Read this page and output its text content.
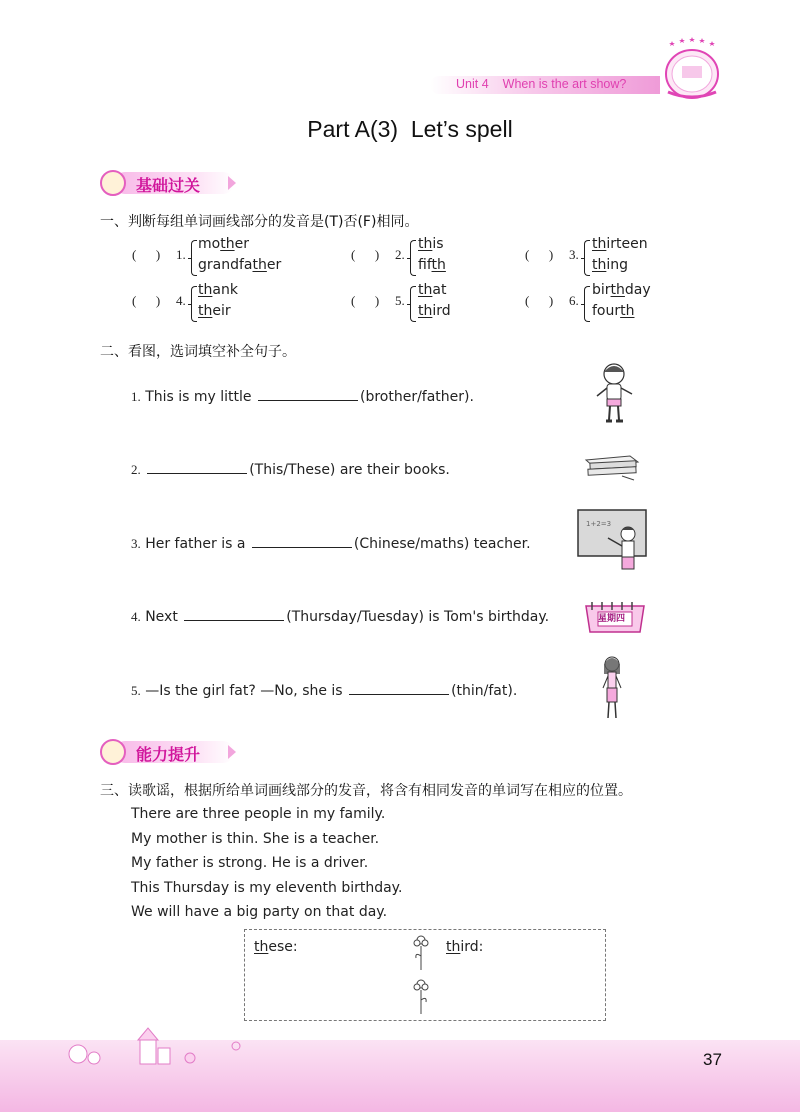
Unit 4 When is the art show?
Part A(3)  Let’s spell
基础过关
一、判断每组单词画线部分的发音是(T)否(F)相同。
(      ) 1.
mother
grandfather
(      ) 2.
this
fifth
(      ) 3.
thirteen
thing
(      ) 4.
thank
their
(      ) 5.
that
third
(      ) 6.
birthday
fourth
二、看图，选词填空补全句子。
1. This is my little	(brother/father).
2.	(This/These) are their books.
3. Her father is a	(Chinese/maths) teacher.
4. Next	(Thursday/Tuesday) is Tom's birthday.
5. —Is the girl fat? —No, she is	(thin/fat).
1+2=3
星期四
能力提升
三、读歌谣，根据所给单词画线部分的发音，将含有相同发音的单词写在相应的位置。
There are three people in my family.
My mother is thin. She is a teacher.
My father is strong. He is a driver.
This Thursday is my eleventh birthday.
We will have a big party on that day.
these:	third:
37
